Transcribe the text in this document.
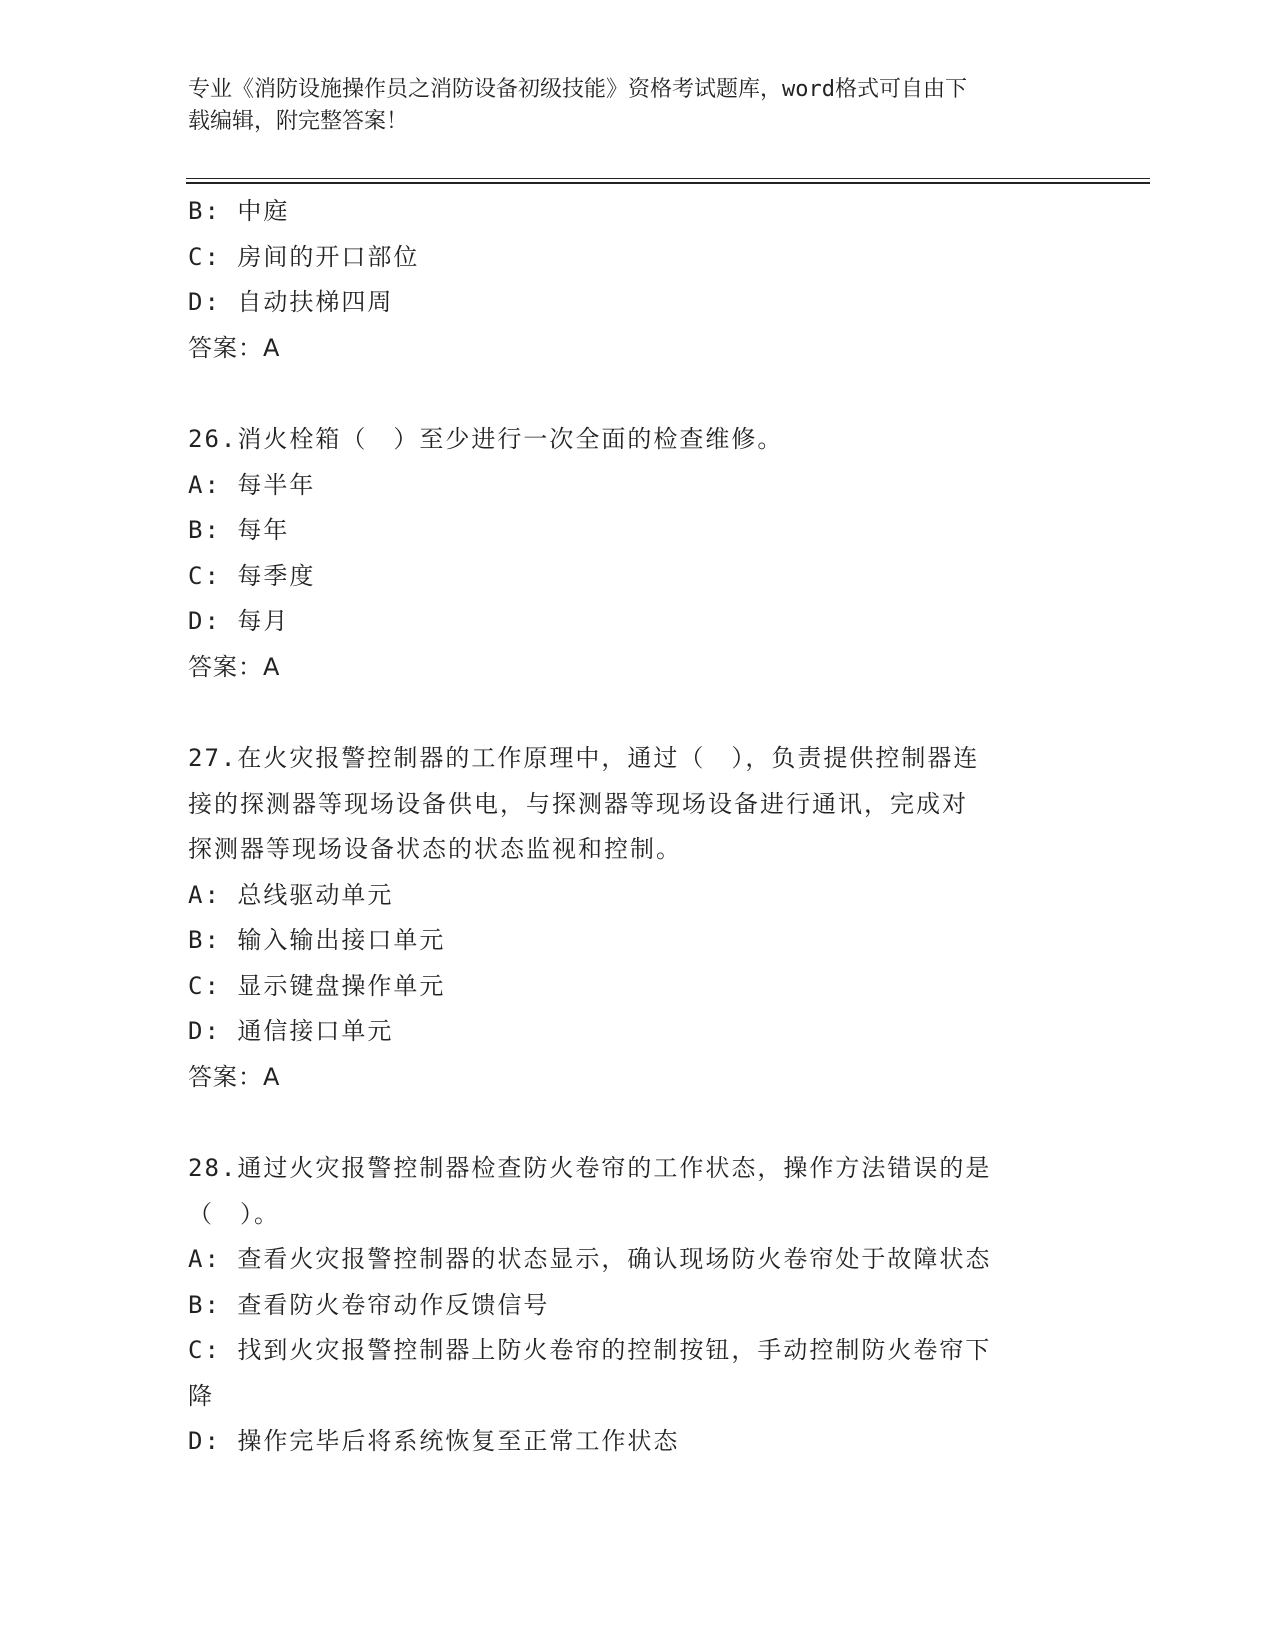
专业《消防设施操作员之消防设备初级技能》资格考试题库，word格式可自由下
载编辑，附完整答案！
B: 中庭
C: 房间的开口部位
D: 自动扶梯四周
答案：A
26.消火栓箱（　）至少进行一次全面的检查维修。
A: 每半年
B: 每年
C: 每季度
D: 每月
答案：A
27.在火灾报警控制器的工作原理中，通过（　），负责提供控制器连
接的探测器等现场设备供电，与探测器等现场设备进行通讯，完成对
探测器等现场设备状态的状态监视和控制。
A: 总线驱动单元
B: 输入输出接口单元
C: 显示键盘操作单元
D: 通信接口单元
答案：A
28.通过火灾报警控制器检查防火卷帘的工作状态，操作方法错误的是
（　）。
A: 查看火灾报警控制器的状态显示，确认现场防火卷帘处于故障状态
B: 查看防火卷帘动作反馈信号
C: 找到火灾报警控制器上防火卷帘的控制按钮，手动控制防火卷帘下
降
D: 操作完毕后将系统恢复至正常工作状态
